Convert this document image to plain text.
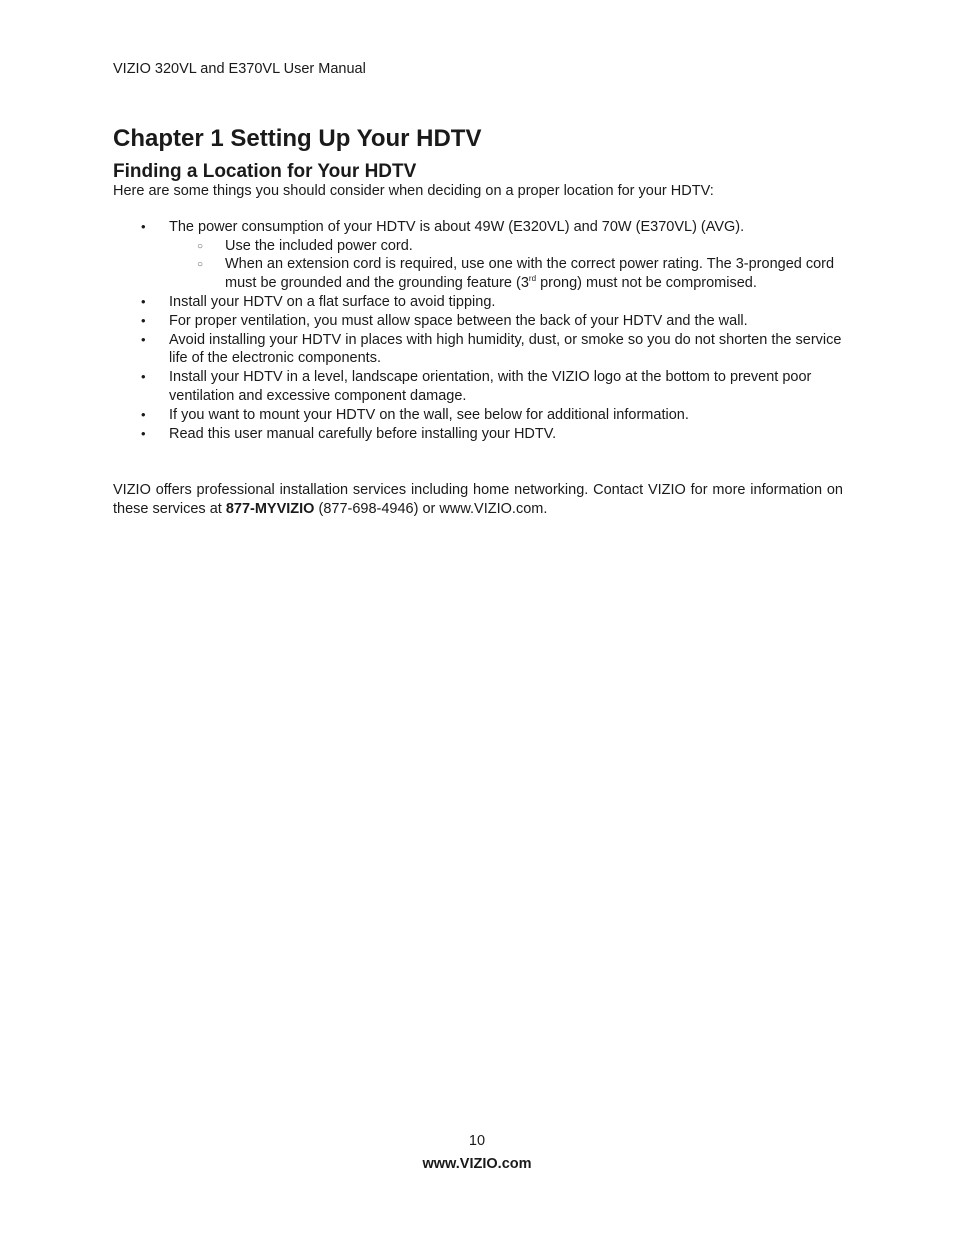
VIZIO 320VL and E370VL User Manual
Chapter 1 Setting Up Your HDTV
Finding a Location for Your HDTV

Here are some things you should consider when deciding on a proper location for your HDTV:

• The power consumption of your HDTV is about 49W (E320VL) and 70W (E370VL) (AVG).
○ Use the included power cord.
○ When an extension cord is required, use one with the correct power rating. The 3-pronged cord must be grounded and the grounding feature (3rd prong) must not be compromised.
• Install your HDTV on a flat surface to avoid tipping.
• For proper ventilation, you must allow space between the back of your HDTV and the wall.
• Avoid installing your HDTV in places with high humidity, dust, or smoke so you do not shorten the service life of the electronic components.
• Install your HDTV in a level, landscape orientation, with the VIZIO logo at the bottom to prevent poor ventilation and excessive component damage.
• If you want to mount your HDTV on the wall, see below for additional information.
• Read this user manual carefully before installing your HDTV.

VIZIO offers professional installation services including home networking. Contact VIZIO for more information on these services at 877-MYVIZIO (877-698-4946) or www.VIZIO.com.

10
www.VIZIO.com
